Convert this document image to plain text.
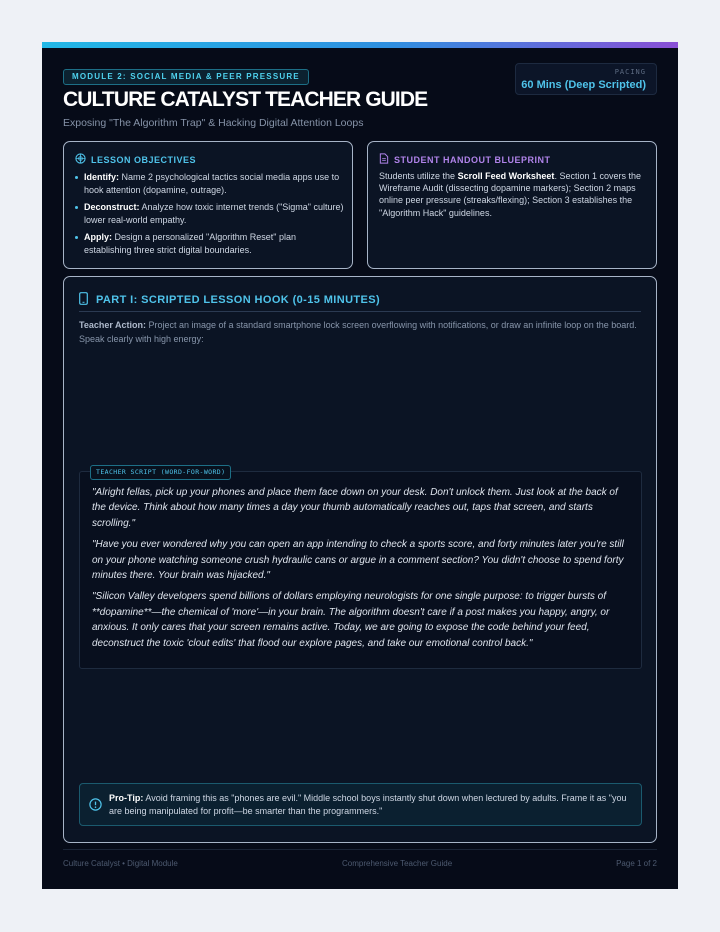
MODULE 2: SOCIAL MEDIA & PEER PRESSURE	PACING
60 Mins (Deep Scripted)
CULTURE CATALYST TEACHER GUIDE
Exposing "The Algorithm Trap" & Hacking Digital Attention Loops
LESSON OBJECTIVES
Identify: Name 2 psychological tactics social media apps use to hook attention (dopamine, outrage).
Deconstruct: Analyze how toxic internet trends ("Sigma" culture) lower real-world empathy.
Apply: Design a personalized "Algorithm Reset" plan establishing three strict digital boundaries.
STUDENT HANDOUT BLUEPRINT
Students utilize the Scroll Feed Worksheet. Section 1 covers the Wireframe Audit (dissecting dopamine markers); Section 2 maps online peer pressure (streaks/flexing); Section 3 establishes the "Algorithm Hack" guidelines.
PART I: SCRIPTED LESSON HOOK (0-15 MINUTES)
Teacher Action: Project an image of a standard smartphone lock screen overflowing with notifications, or draw an infinite loop on the board. Speak clearly with high energy:
TEACHER SCRIPT (WORD-FOR-WORD)

"Alright fellas, pick up your phones and place them face down on your desk. Don't unlock them. Just look at the back of the device. Think about how many times a day your thumb automatically reaches out, taps that screen, and starts scrolling."

"Have you ever wondered why you can open an app intending to check a sports score, and forty minutes later you're still on your phone watching someone crush hydraulic cans or argue in a comment section? You didn't choose to spend forty minutes there. Your brain was hijacked."

"Silicon Valley developers spend billions of dollars employing neurologists for one single purpose: to trigger bursts of **dopamine**—the chemical of 'more'—in your brain. The algorithm doesn't care if a post makes you happy, angry, or anxious. It only cares that your screen remains active. Today, we are going to expose the code behind your feed, deconstruct the toxic 'clout edits' that flood our explore pages, and take our emotional control back."

Pro-Tip: Avoid framing this as "phones are evil." Middle school boys instantly shut down when lectured by adults. Frame it as "you are being manipulated for profit—be smarter than the programmers."
Culture Catalyst • Digital Module	Comprehensive Teacher Guide	Page 1 of 2
